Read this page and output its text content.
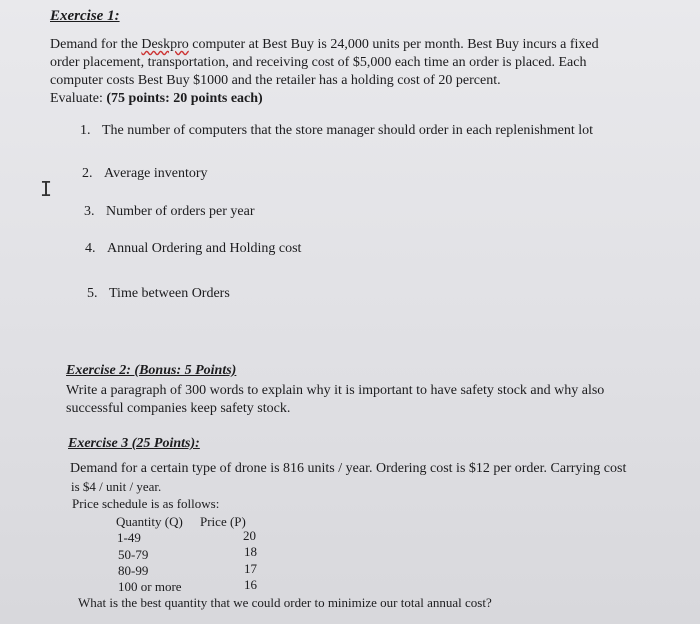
Exercise 1:
Demand for the Deskpro computer at Best Buy is 24,000 units per month. Best Buy incurs a fixed
order placement, transportation, and receiving cost of $5,000 each time an order is placed. Each
computer costs Best Buy $1000 and the retailer has a holding cost of 20 percent.
Evaluate: (75 points: 20 points each)
1. The number of computers that the store manager should order in each replenishment lot
2. Average inventory
I
3. Number of orders per year
4. Annual Ordering and Holding cost
5. Time between Orders
Exercise 2: (Bonus: 5 Points)
Write a paragraph of 300 words to explain why it is important to have safety stock and why also
successful companies keep safety stock.
Exercise 3 (25 Points):
Demand for a certain type of drone is 816 units / year. Ordering cost is $12 per order. Carrying cost
is $4 / unit / year.
Price schedule is as follows:
Quantity (Q) Price (P)
1-49	20
50-79	18
80-99	17
100 or more	16
What is the best quantity that we could order to minimize our total annual cost?
